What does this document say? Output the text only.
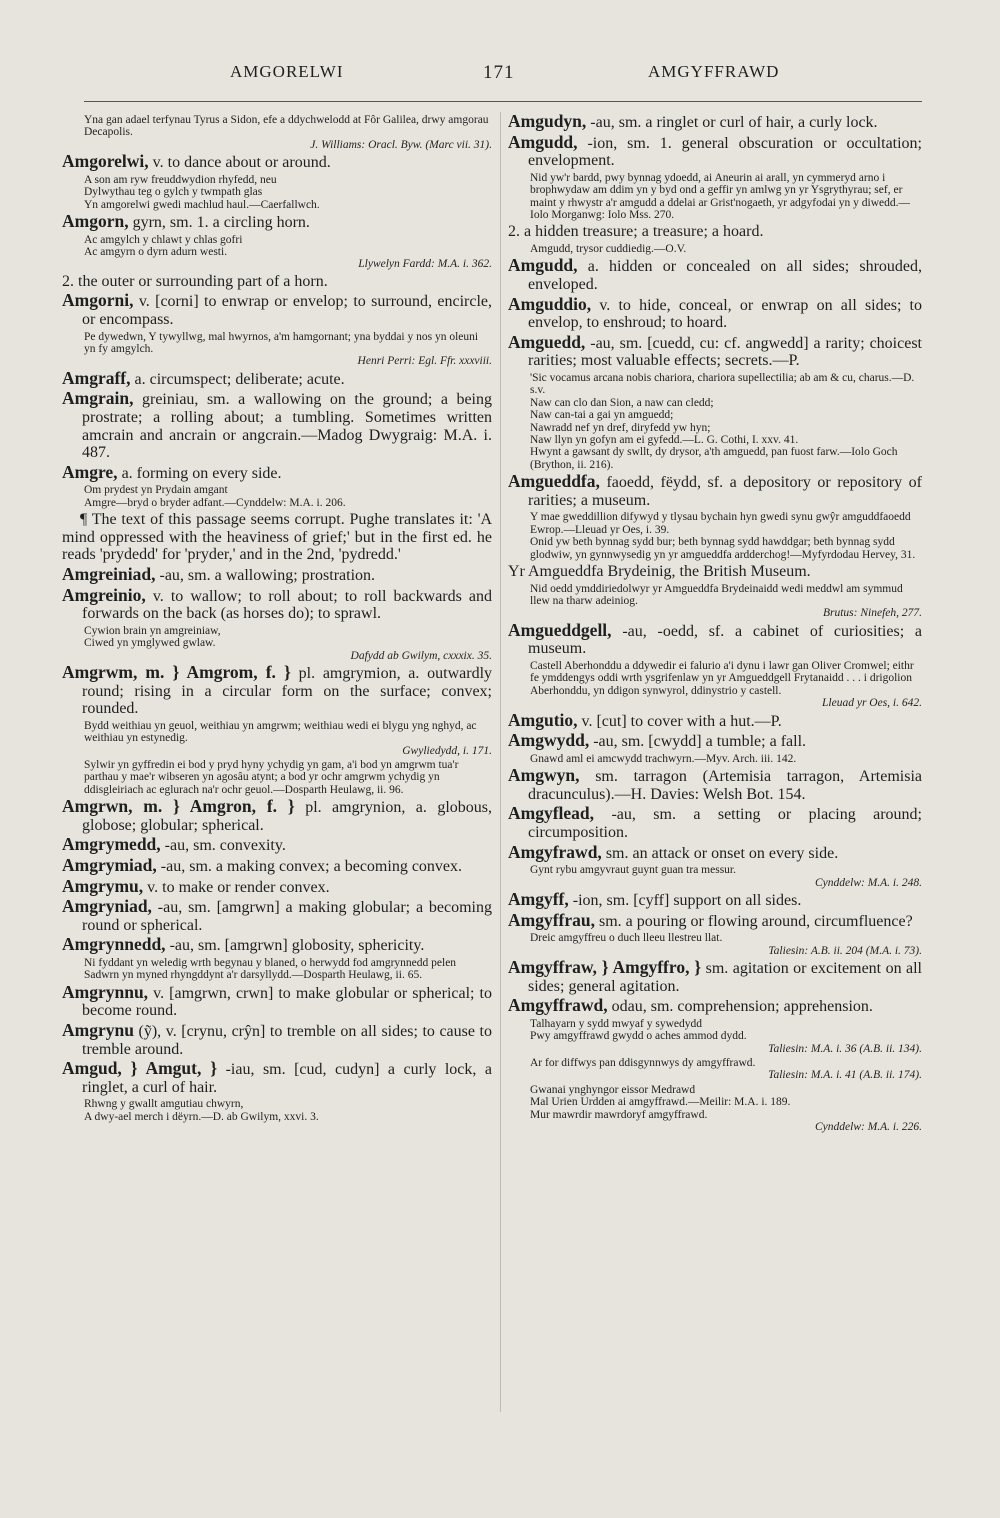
AMGORELWI	171	AMGYFFRAWD
Yna gan adael terfynau Tyrus a Sidon, efe a ddychwelodd at Fôr Galilea, drwy amgorau Decapolis.
J. Williams: Oracl. Byw. (Marc vii. 31).

Amgorelwi, v. to dance about or around.

A son am ryw freuddwydion rhyfedd, neu
Dylwythau teg o gylch y twmpath glas
Yn amgorelwi gwedi machlud haul.—Caerfallwch.

Amgorn, gyrn, sm. 1. a circling horn.

Ac amgylch y chlawt y chlas gofri
Ac amgyrn o dyrn adurn westi.
Llywelyn Fardd: M.A. i. 362.

2. the outer or surrounding part of a horn.

Amgorni, v. [corni] to enwrap or envelop; to surround, encircle, or encompass.

Pe dywedwn, Y tywyllwg, mal hwyrnos, a'm hamgornant; yna byddai y nos yn oleuni yn fy amgylch.
Henri Perri: Egl. Ffr. xxxviii.

Amgraff, a. circumspect; deliberate; acute.

Amgrain, greiniau, sm. a wallowing on the ground; a being prostrate; a rolling about; a tumbling. Sometimes written amcrain and ancrain or angcrain.—Madog Dwygraig: M.A. i. 487.

Amgre, a. forming on every side.

Om prydest yn Prydain amgant
Amgre—bryd o bryder adfant.—Cynddelw: M.A. i. 206.

¶ The text of this passage seems corrupt. Pughe translates it: 'A mind oppressed with the heaviness of grief;' but in the first ed. he reads 'prydedd' for 'pryder,' and in the 2nd, 'pydredd.'

Amgreiniad, -au, sm. a wallowing; prostration.

Amgreinio, v. to wallow; to roll about; to roll backwards and forwards on the back (as horses do); to sprawl.

Cywion brain yn amgreiniaw,
Ciwed yn ymglywed gwlaw.
Dafydd ab Gwilym, cxxxix. 35.

Amgrwm, m. } Amgrom, f. } pl. amgrymion, a. outwardly round; rising in a circular form on the surface; convex; rounded.

Bydd weithiau yn geuol, weithiau yn amgrwm; weithiau wedi ei blygu yng nghyd, ac weithiau yn estynedig.
Gwyliedydd, i. 171.
Sylwir yn gyffredin ei bod y pryd hyny ychydig yn gam, a'i bod yn amgrwm tua'r parthau y mae'r wibseren yn agosâu atynt; a bod yr ochr amgrwm ychydig yn ddisgleiriach ac eglurach na'r ochr geuol.—Dosparth Heulawg, ii. 96.

Amgrwn, m. } Amgron, f. } pl. amgrynion, a. globous, globose; globular; spherical.

Amgrymedd, -au, sm. convexity.

Amgrymiad, -au, sm. a making convex; a becoming convex.

Amgrymu, v. to make or render convex.

Amgryniad, -au, sm. [amgrwn] a making globular; a becoming round or spherical.

Amgrynnedd, -au, sm. [amgrwn] globosity, sphericity.

Ni fyddant yn weledig wrth begynau y blaned, o herwydd fod amgrynnedd pelen Sadwrn yn myned rhyngddynt a'r darsyllydd.—Dosparth Heulawg, ii. 65.

Amgrynnu, v. [amgrwn, crwn] to make globular or spherical; to become round.

Amgrynu (ỹ), v. [crynu, crŷn] to tremble on all sides; to cause to tremble around.

Amgud, } Amgut, } -iau, sm. [cud, cudyn] a curly lock, a ringlet, a curl of hair.

Rhwng y gwallt amgutiau chwyrn,
A dwy-ael merch i dëyrn.—D. ab Gwilym, xxvi. 3.

Amgudyn, -au, sm. a ringlet or curl of hair, a curly lock.

Amgudd, -ion, sm. 1. general obscuration or occultation; envelopment.

Nid yw'r bardd, pwy bynnag ydoedd, ai Aneurin ai arall, yn cymmeryd arno i brophwydaw am ddim yn y byd ond a geffir yn amlwg yn yr Ysgrythyrau; sef, er maint y rhwystr a'r amgudd a ddelai ar Grist'nogaeth, yr adgyfodai yn y diwedd.—Iolo Morganwg: Iolo Mss. 270.

2. a hidden treasure; a treasure; a hoard.

Amgudd, trysor cuddiedig.—O.V.

Amgudd, a. hidden or concealed on all sides; shrouded, enveloped.

Amguddio, v. to hide, conceal, or enwrap on all sides; to envelop, to enshroud; to hoard.

Amguedd, -au, sm. [cuedd, cu: cf. angwedd] a rarity; choicest rarities; most valuable effects; secrets.—P.

'Sic vocamus arcana nobis chariora, chariora supellectilia; ab am & cu, charus.—D. s.v.
Naw can clo dan Sion, a naw can cledd;
Naw can-tai a gai yn amguedd;
Nawradd nef yn dref, diryfedd yw hyn;
Naw llyn yn gofyn am ei gyfedd.—L. G. Cothi, I. xxv. 41.
Hwynt a gawsant dy swllt, dy drysor, a'th amguedd, pan fuost farw.—Iolo Goch (Brython, ii. 216).

Amgueddfa, faoedd, fëydd, sf. a depository or repository of rarities; a museum.

Y mae gweddillion difywyd y tlysau bychain hyn gwedi synu gwŷr amguddfaoedd Ewrop.—Lleuad yr Oes, i. 39.
Onid yw beth bynnag sydd bur; beth bynnag sydd hawddgar; beth bynnag sydd glodwiw, yn gynnwysedig yn yr amgueddfa ardderchog!—Myfyrdodau Hervey, 31.

Yr Amgueddfa Brydeinig, the British Museum.

Nid oedd ymddiriedolwyr yr Amgueddfa Brydeinaidd wedi meddwl am symmud llew na tharw adeiniog.
Brutus: Ninefeh, 277.

Amgueddgell, -au, -oedd, sf. a cabinet of curiosities; a museum.

Castell Aberhonddu a ddywedir ei falurio a'i dynu i lawr gan Oliver Cromwel; eithr fe ymddengys oddi wrth ysgrifenlaw yn yr Amgueddgell Frytanaidd . . . i drigolion Aberhonddu, yn ddigon synwyrol, ddinystrio y castell.
Lleuad yr Oes, i. 642.

Amgutio, v. [cut] to cover with a hut.—P.

Amgwydd, -au, sm. [cwydd] a tumble; a fall.

Gnawd aml ei amcwydd trachwyrn.—Myv. Arch. iii. 142.

Amgwyn, sm. tarragon (Artemisia tarragon, Artemisia dracunculus).—H. Davies: Welsh Bot. 154.

Amgyflead, -au, sm. a setting or placing around; circumposition.

Amgyfrawd, sm. an attack or onset on every side.

Gynt rybu amgyvraut guynt guan tra messur.
Cynddelw: M.A. i. 248.

Amgyff, -ion, sm. [cyff] support on all sides.

Amgyffrau, sm. a pouring or flowing around, circumfluence?

Dreic amgyffreu o duch lleeu llestreu llat.
Taliesin: A.B. ii. 204 (M.A. i. 73).

Amgyffraw, } Amgyffro, } sm. agitation or excitement on all sides; general agitation.

Amgyffrawd, odau, sm. comprehension; apprehension.

Talhayarn y sydd mwyaf y sywedydd
Pwy amgyffrawd gwydd o aches ammod dydd.
Taliesin: M.A. i. 36 (A.B. ii. 134).
Ar for diffwys pan ddisgynnwys dy amgyffrawd.
Taliesin: M.A. i. 41 (A.B. ii. 174).
Gwanai ynghyngor eissor Medrawd
Mal Urien Urdden ai amgyffrawd.—Meilir: M.A. i. 189.
Mur mawrdir mawrdoryf amgyffrawd.
Cynddelw: M.A. i. 226.
